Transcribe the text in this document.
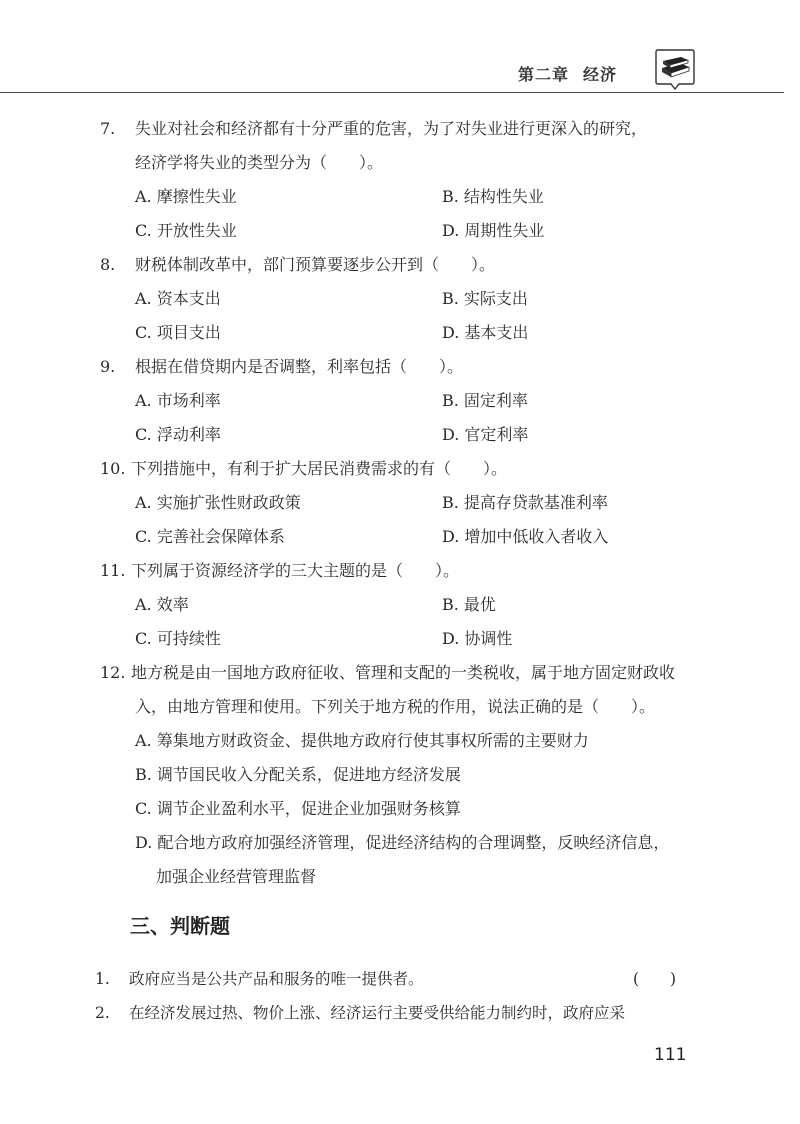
第二章 经济
7. 失业对社会和经济都有十分严重的危害，为了对失业进行更深入的研究，
经济学将失业的类型分为（　　）。
A. 摩擦性失业	B. 结构性失业
C. 开放性失业	D. 周期性失业
8. 财税体制改革中，部门预算要逐步公开到（　　）。
A. 资本支出	B. 实际支出
C. 项目支出	D. 基本支出
9. 根据在借贷期内是否调整，利率包括（　　）。
A. 市场利率	B. 固定利率
C. 浮动利率	D. 官定利率
10. 下列措施中，有利于扩大居民消费需求的有（　　）。
A. 实施扩张性财政政策	B. 提高存贷款基准利率
C. 完善社会保障体系	D. 增加中低收入者收入
11. 下列属于资源经济学的三大主题的是（　　）。
A. 效率	B. 最优
C. 可持续性	D. 协调性
12. 地方税是由一国地方政府征收、管理和支配的一类税收，属于地方固定财政收
入，由地方管理和使用。下列关于地方税的作用，说法正确的是（　　）。
A. 筹集地方财政资金、提供地方政府行使其事权所需的主要财力
B. 调节国民收入分配关系，促进地方经济发展
C. 调节企业盈利水平，促进企业加强财务核算
D. 配合地方政府加强经济管理，促进经济结构的合理调整，反映经济信息，
加强企业经营管理监督
三、判断题
1. 政府应当是公共产品和服务的唯一提供者。	(　　)
2. 在经济发展过热、物价上涨、经济运行主要受供给能力制约时，政府应采
111
